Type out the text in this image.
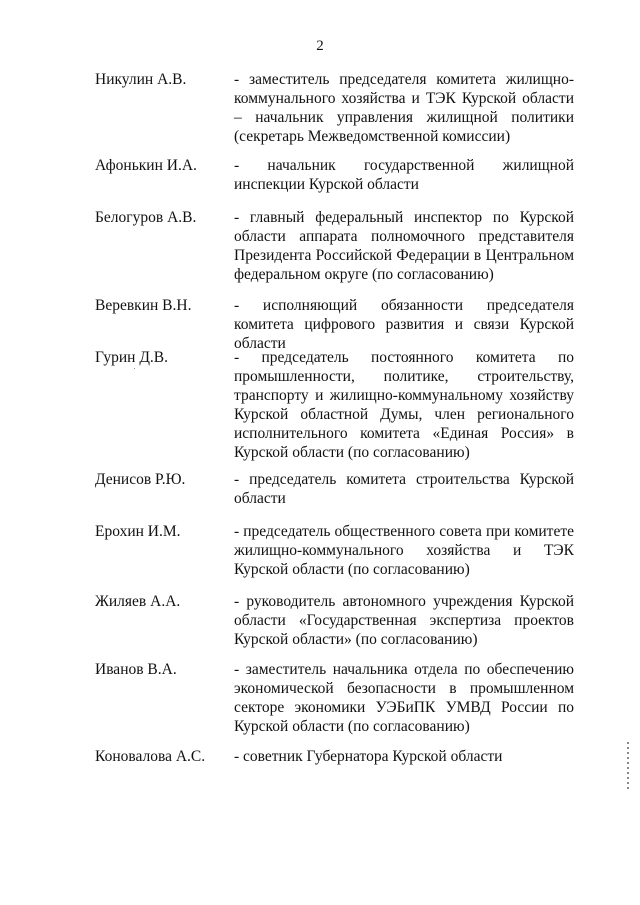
2
Никулин А.В.	- заместитель председателя комитета жилищно-коммунального хозяйства и ТЭК Курской области – начальник управления жилищной политики (секретарь Межведомственной комиссии)
Афонькин И.А. - начальник государственной жилищной инспекции Курской области
Белогуров А.В. - главный федеральный инспектор по Курской области аппарата полномочного представителя Президента Российской Федерации в Центральном федеральном округе (по согласованию)
Веревкин В.Н.	- исполняющий обязанности председателя комитета цифрового развития и связи Курской области
Гурин Д.В.	- председатель постоянного комитета по промышленности, политике, строительству, транспорту и жилищно-коммунальному хозяйству Курской областной Думы, член регионального исполнительного комитета «Единая Россия» в Курской области (по согласованию)
Денисов Р.Ю.	- председатель комитета строительства Курской области
Ерохин И.М.	- председатель общественного совета при комитете жилищно-коммунального хозяйства и ТЭК Курской области (по согласованию)
Жиляев А.А.	- руководитель автономного учреждения Курской области «Государственная экспертиза проектов Курской области» (по согласованию)
Иванов В.А.	- заместитель начальника отдела по обеспечению экономической безопасности в промышленном секторе экономики УЭБиПК УМВД России по Курской области (по согласованию)
Коновалова А.С. - советник Губернатора Курской области
